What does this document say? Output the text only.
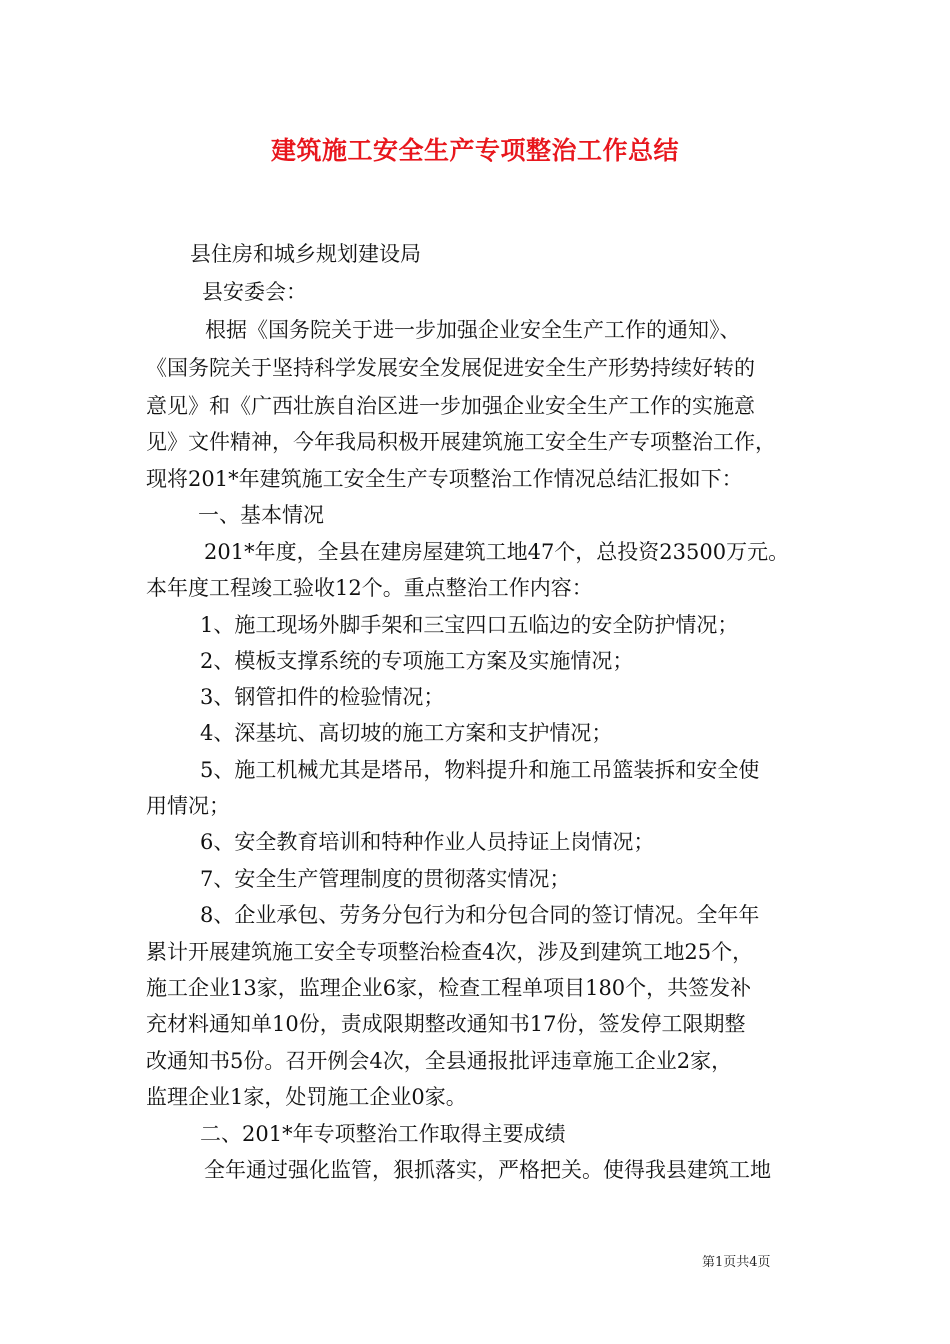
建筑施工安全生产专项整治工作总结
县住房和城乡规划建设局
县安委会：
根据《国务院关于进一步加强企业安全生产工作的通知》、
《国务院关于坚持科学发展安全发展促进安全生产形势持续好转的
意见》和《广西壮族自治区进一步加强企业安全生产工作的实施意
见》文件精神，今年我局积极开展建筑施工安全生产专项整治工作，
现将201*年建筑施工安全生产专项整治工作情况总结汇报如下：
一、基本情况
201*年度，全县在建房屋建筑工地47个，总投资23500万元。
本年度工程竣工验收12个。重点整治工作内容：
1、施工现场外脚手架和三宝四口五临边的安全防护情况；
2、模板支撑系统的专项施工方案及实施情况；
3、钢管扣件的检验情况；
4、深基坑、高切坡的施工方案和支护情况；
5、施工机械尤其是塔吊，物料提升和施工吊篮装拆和安全使
用情况；
6、安全教育培训和特种作业人员持证上岗情况；
7、安全生产管理制度的贯彻落实情况；
8、企业承包、劳务分包行为和分包合同的签订情况。全年年
累计开展建筑施工安全专项整治检查4次，涉及到建筑工地25个，
施工企业13家，监理企业6家，检查工程单项目180个，共签发补
充材料通知单10份，责成限期整改通知书17份，签发停工限期整
改通知书5份。召开例会4次，全县通报批评违章施工企业2家，
监理企业1家，处罚施工企业0家。
二、201*年专项整治工作取得主要成绩
全年通过强化监管，狠抓落实，严格把关。使得我县建筑工地
第1页共4页
